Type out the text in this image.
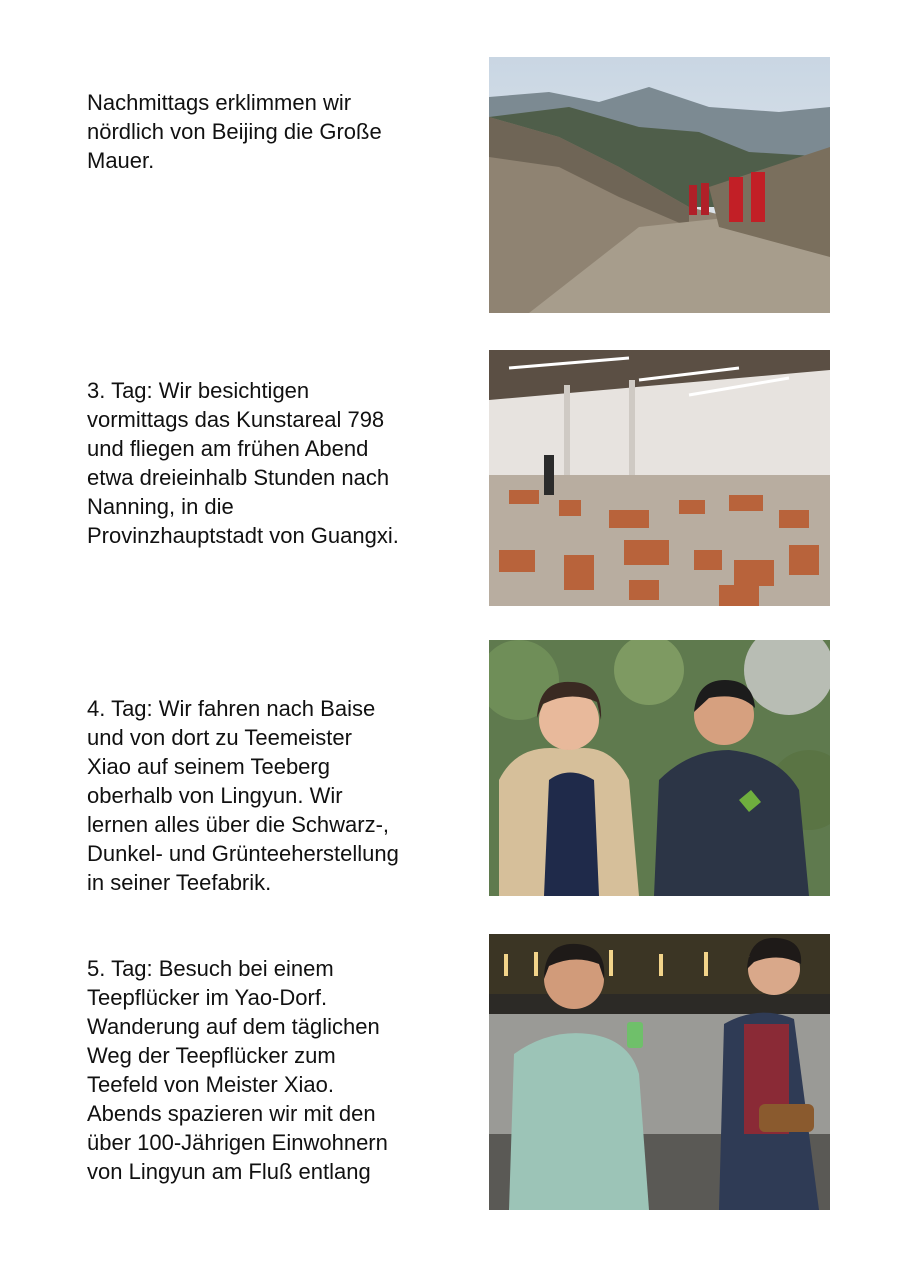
Nachmittags erklimmen wir
nördlich von Beijing die Große
Mauer.
3. Tag: Wir besichtigen
vormittags das Kunstareal 798
und fliegen am frühen Abend
etwa dreieinhalb Stunden nach
Nanning, in die
Provinzhauptstadt von Guangxi.
4. Tag: Wir fahren nach Baise
und von dort zu Teemeister
Xiao auf seinem Teeberg
oberhalb von Lingyun. Wir
lernen alles über die Schwarz-,
Dunkel- und Grünteeherstellung
in seiner Teefabrik.
5. Tag: Besuch bei einem
Teepflücker im Yao-Dorf.
Wanderung auf dem täglichen
Weg der Teepflücker zum
Teefeld von Meister Xiao.
Abends spazieren wir mit den
über 100-Jährigen Einwohnern
von Lingyun am Fluß entlang
